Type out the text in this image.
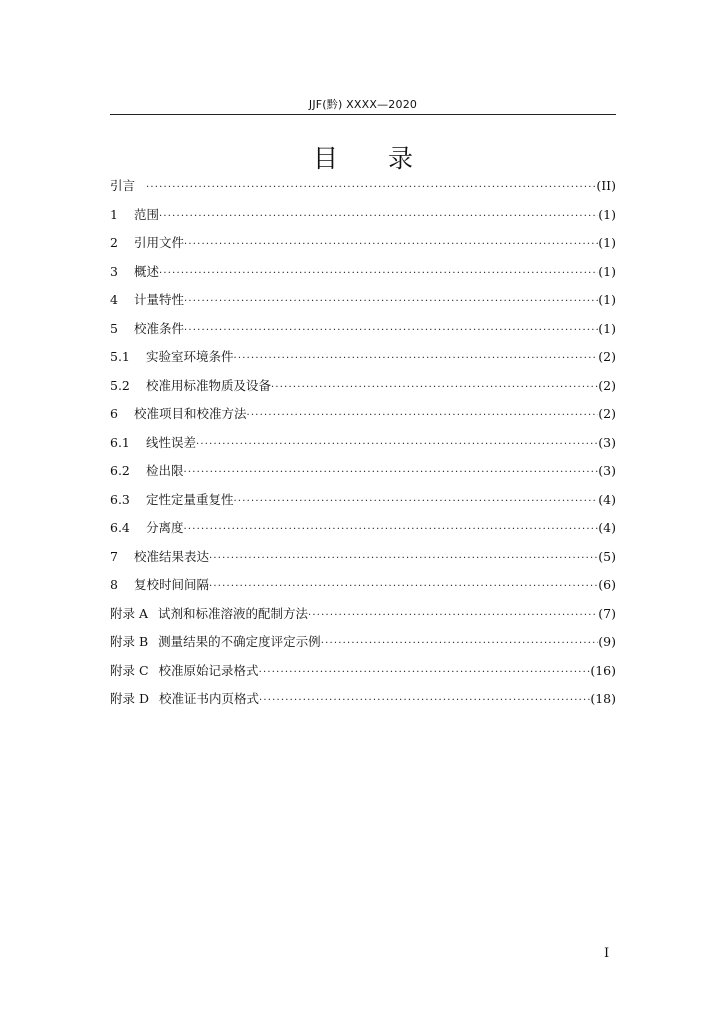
JJF(黔) XXXX—2020
目录
引言 ·····	(II)
1	范围 ·····	(1)
2	引用文件 ·····	(1)
3	概述 ·····	(1)
4	计量特性 ·····	(1)
5	校准条件 ·····	(1)
5.1	实验室环境条件 ·····	(2)
5.2	校准用标准物质及设备 ·····	(2)
6	校准项目和校准方法 ·····	(2)
6.1	线性误差 ·····	(3)
6.2	检出限 ·····	(3)
6.3	定性定量重复性 ·····	(4)
6.4	分离度 ·····	(4)
7	校准结果表达 ·····	(5)
8	复校时间间隔 ·····	(6)
附录 A 试剂和标准溶液的配制方法 ·····	(7)
附录 B 测量结果的不确定度评定示例 ·····	(9)
附录 C 校准原始记录格式 ·····	(16)
附录 D 校准证书内页格式 ·····	(18)
I
